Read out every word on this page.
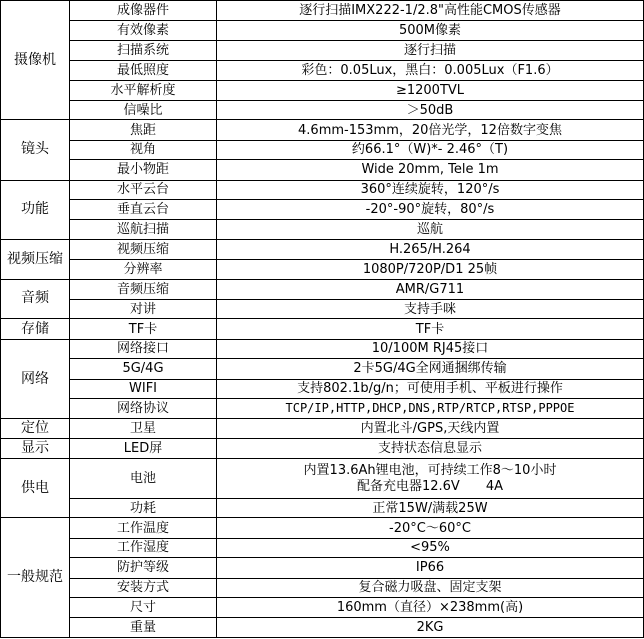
摄像机	成像器件	逐行扫描IMX222-1/2.8"高性能CMOS传感器
	有效像素	500M像素
	扫描系统	逐行扫描
	最低照度	彩色：0.05Lux，黑白：0.005Lux（F1.6）
	水平解析度	≥1200TVL
	信噪比	＞50dB
镜头	焦距	4.6mm-153mm，20倍光学，12倍数字变焦
	视角	约66.1°（W)*- 2.46°（T)
	最小物距	Wide 20mm, Tele 1m
功能	水平云台	360°连续旋转，120°/s
	垂直云台	-20°-90°旋转，80°/s
	巡航扫描	巡航
视频压缩	视频压缩	H.265/H.264
	分辨率	1080P/720P/D1 25帧
音频	音频压缩	AMR/G711
	对讲	支持手咪
存储	TF卡	TF卡
网络	网络接口	10/100M RJ45接口
	5G/4G	2卡5G/4G全网通捆绑传输
	WIFI	支持802.1b/g/n；可使用手机、平板进行操作
	网络协议	TCP/IP,HTTP,DHCP,DNS,RTP/RTCP,RTSP,PPPOE
定位	卫星	内置北斗/GPS,天线内置
显示	LED屏	支持状态信息显示
供电	电池	内置13.6Ah锂电池，可持续工作8～10小时
配备充电器12.6V　　4A
	功耗	正常15W/满载25W
一般规范	工作温度	-20°C～60°C
	工作湿度	<95%
	防护等级	IP66
	安装方式	复合磁力吸盘、固定支架
	尺寸	160mm（直径）×238mm(高)
	重量	2KG
